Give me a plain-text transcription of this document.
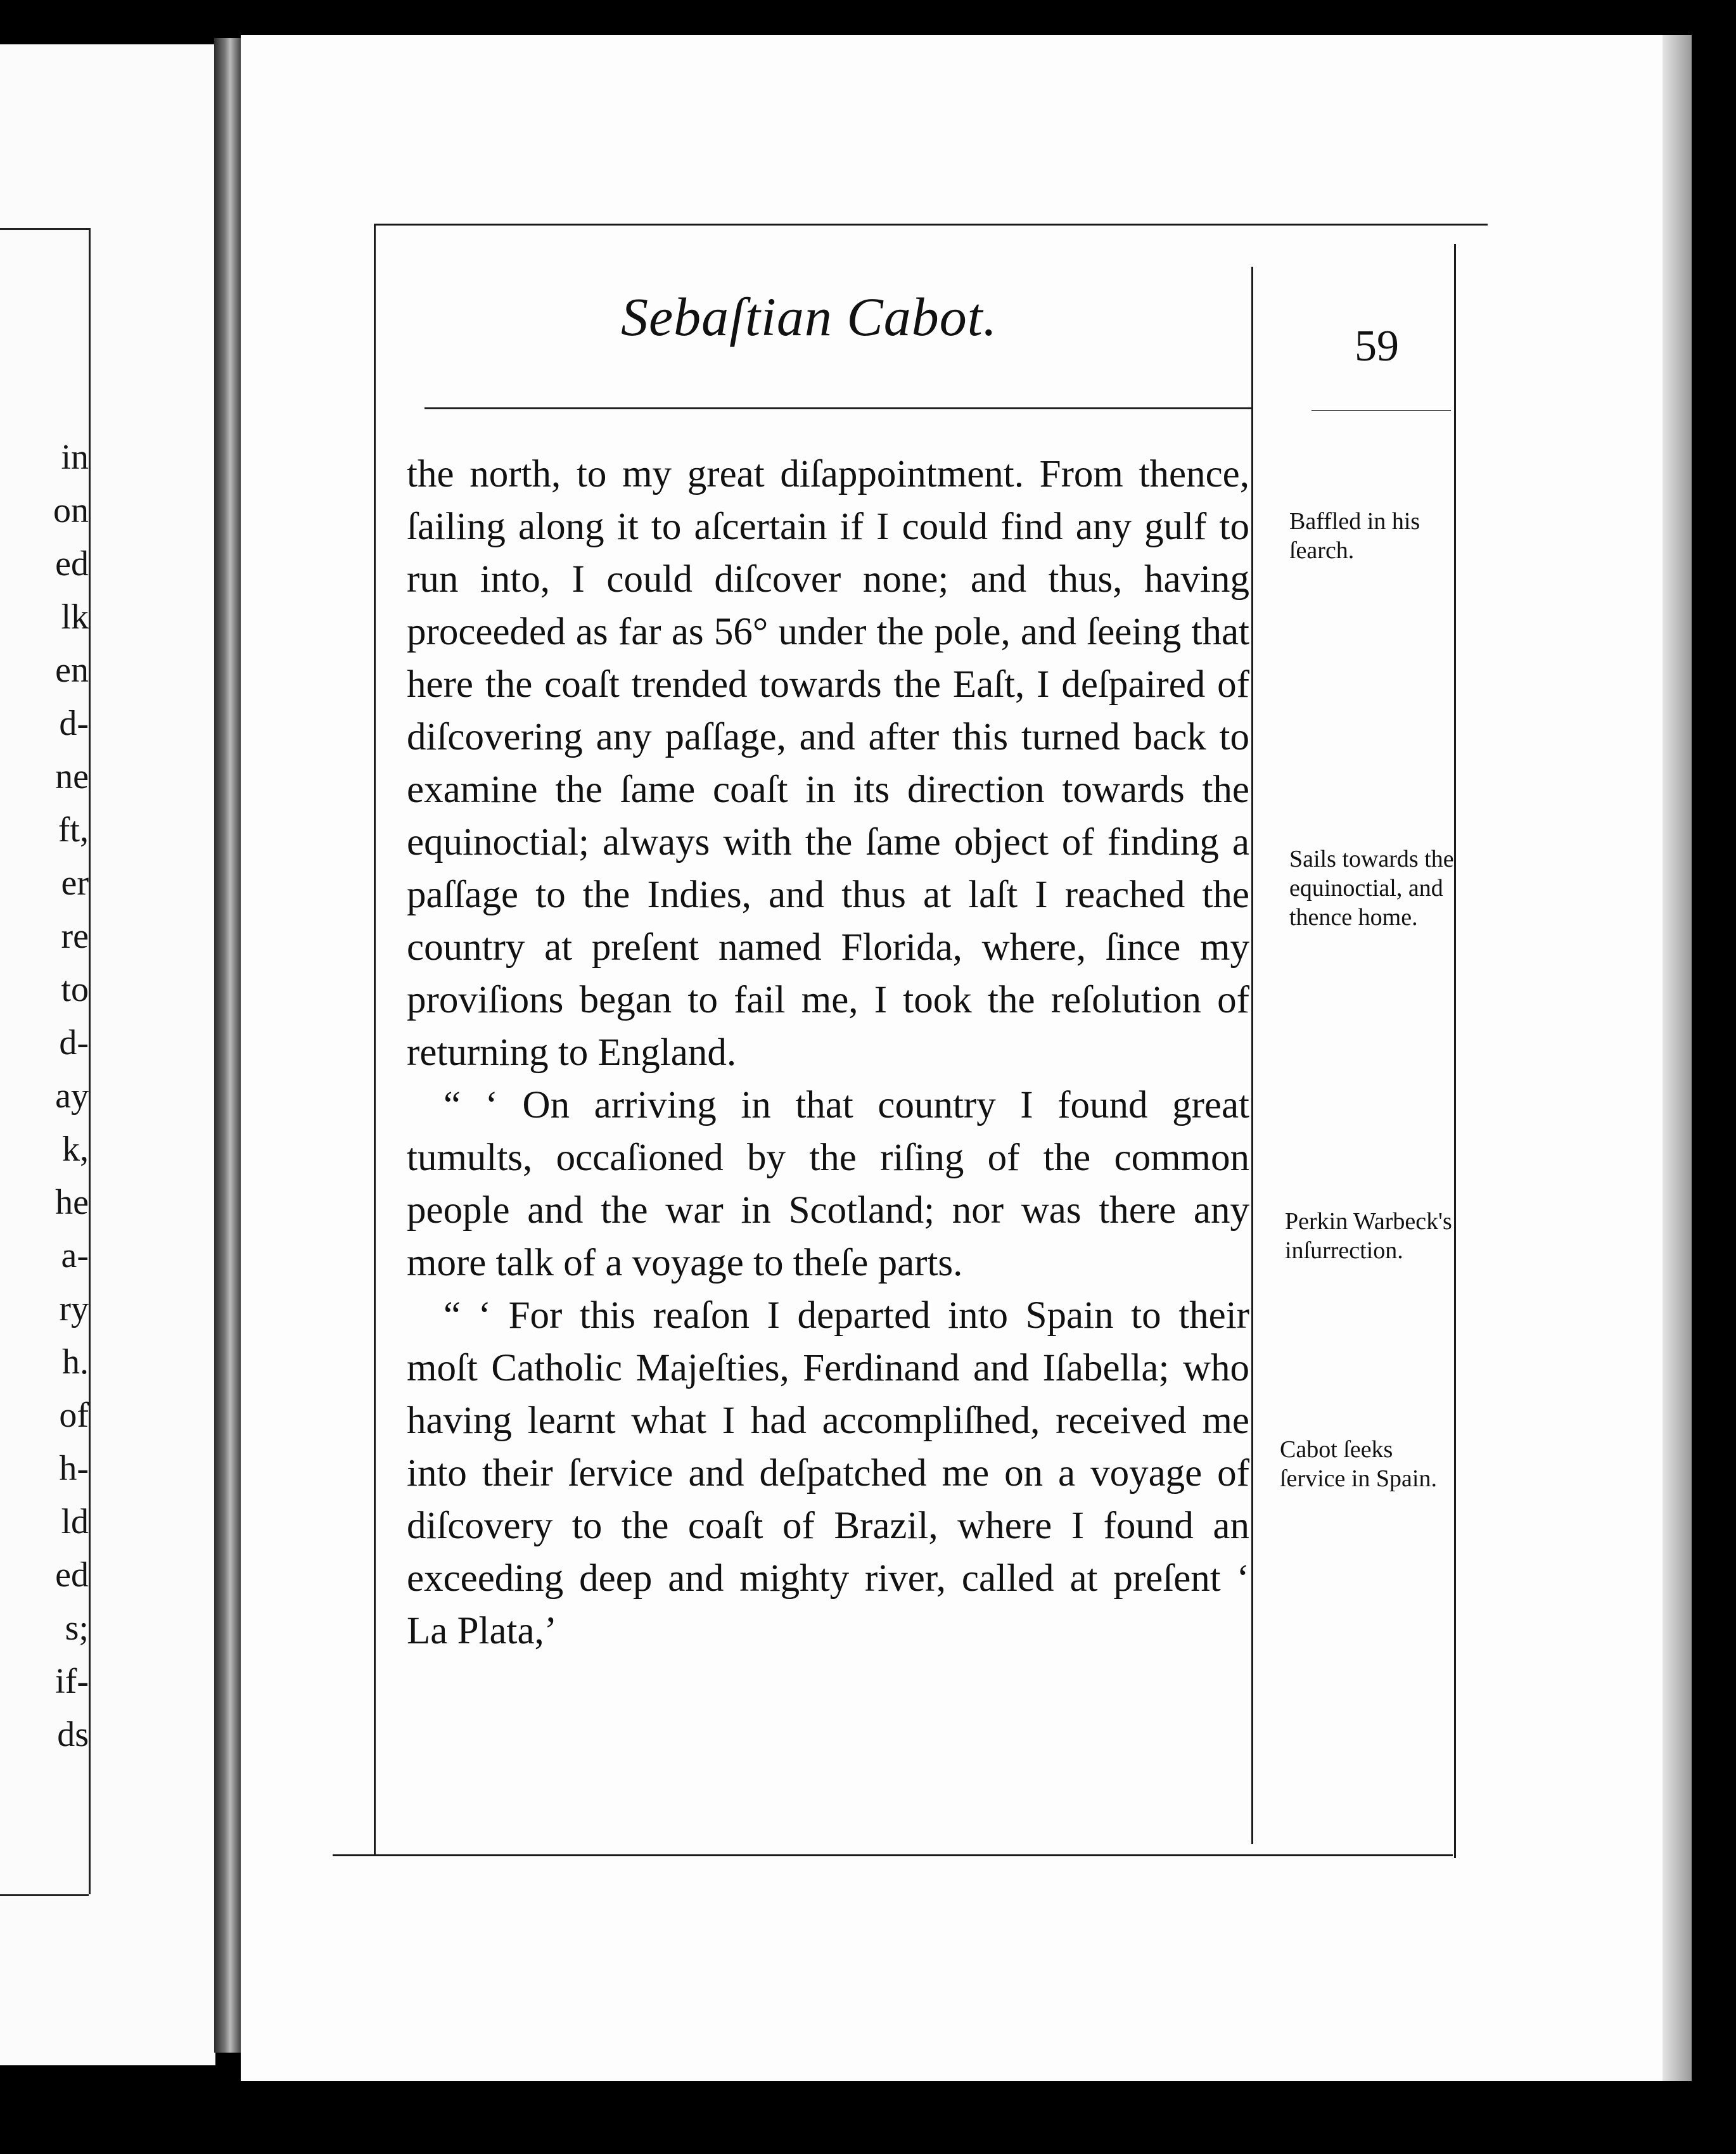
in
on
ed
lk
en
d-
ne
ft,
er
re
to
d-
ay
k,
he
a-
ry
h.
of
h-
ld
ed
s;
if-
ds
Sebaſtian Cabot.	59

the north, to my great diſappointment. From thence, ſailing along it to aſcertain if I could find any gulf to run into, I could diſcover none; and thus, having proceeded as far as 56° under the pole, and ſeeing that here the coaſt trended towards the Eaſt, I deſpaired of diſcovering any paſſage, and after this turned back to examine the ſame coaſt in its direction towards the equinoctial; always with the ſame object of finding a paſſage to the Indies, and thus at laſt I reached the country at preſent named Florida, where, ſince my proviſions began to fail me, I took the reſolution of returning to England.

“ ‘ On arriving in that country I found great tumults, occaſioned by the riſing of the common people and the war in Scotland; nor was there any more talk of a voyage to theſe parts.

“ ‘ For this reaſon I departed into Spain to their moſt Catholic Majeſties, Ferdinand and Iſabella; who having learnt what I had accompliſhed, received me into their ſervice and deſpatched me on a voyage of diſcovery to the coaſt of Brazil, where I found an exceeding deep and mighty river, called at preſent ‘ La Plata,’

Baffled in his ſearch.
Sails towards the equinoctial, and thence home.
Perkin Warbeck's inſurrection.
Cabot ſeeks ſervice in Spain.
